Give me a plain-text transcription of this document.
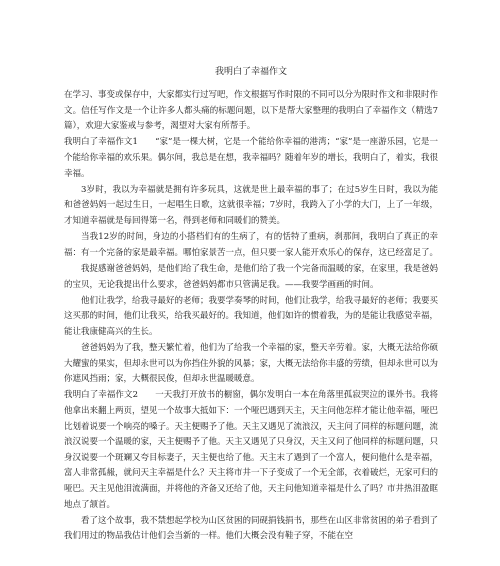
我明白了幸福作文
在学习、事变或保存中，大家都实行过写吧，作文根据写作时限的不同可以分为限时作文和非限时作文。信任写作文是一个让许多人都头痛的标题问题，以下是帮大家整理的我明白了幸福作文（精选7篇），欢迎大家鉴戒与参考，渴望对大家有所帮手。
我明白了幸福作文1　　“家”是一棵大树，它是一个能给你幸福的港湾；“家”是一座游乐园，它是一个能给你幸福的欢乐果。偶尔间，我总是在想，我幸福吗？随着年岁的增长，我明白了，着实，我很幸福。
3岁时，我以为幸福就是拥有许多玩具，这就是世上最幸福的事了；在过5岁生日时，我以为能和爸爸妈妈一起过生日，一起唱生日歌，这就很幸福；7岁时，我跨入了小学的大门，上了一年级，才知道幸福就是每回得第一名，得到老师和同暖们的赞美。
当我12岁的时间，身边的小搭档们有的生病了，有的恬特了重病，刹那间，我明白了真正的幸福：有一个完备的家是最幸福。哪怕家景苦一点，但只要一家人能开欢乐心的保存，这已经富足了。
我捉感谢爸爸妈妈，是他们给了我生命，是他们给了我一个完备而温暖的家，在家里，我是爸妈的宝贝，无论我提出什么要求，爸爸妈妈都市只管满足我。——我要学画画的时间。
他们让我学，给我寻最好的老师；我要学奏琴的时间，他们让我学，给我寻最好的老师；我要买这买那的时间，他们让我买，给我买最好的。我知道，他们如许的惯着我，为的是能让我感觉幸福，能让我康健高兴的生长。
爸爸妈妈为了我，整天繁忙着，他们为了给我一个幸福的家，整天辛劳着。家，大概无法给你硕大耀蜜的果实，但却永世可以为你挡住外貌的风暴；家，大概无法给你丰盛的劳绩，但却永世可以为你遮风挡雨；家，大概很民俊，但却永世温暖暖意。
我明白了幸福作文2　　一天我打开放书的橱窗，偶尔发明白一本在角落里孤寂哭泣的课外书。我将他拿出来翻上两页，望见一个故事大抵如下：一个哑巴遇到天主，天主问他怎样才能让他幸福，哑巴比划着说要一个响亮的嗓子。天主便赐予了他。天主又遇见了流浪汉，天主问了同样的标题问题，流浪汉说要一个温暖的家，天主便赐予了他。天主又遇见了只身汉，天主又问了他同样的标题问题，只身汉说要一个斑斓又夸目标妻子，天主便也给了他。天主末了遇到了一个富人，便问他什么是幸福，富人非常孤赧，就问天主幸福是什么？天主将市井一下子变成了一个无全部，衣着破烂，无家可归的哑巴。天主见他泪流满面，并将他的齐备又还给了他，天主问他知道幸福是什么了吗？市井热泪盈眶地点了颔首。
看了这个故事，我不禁想起学校为山区贫困的同砚捐钱捐书，那些在山区非常贫困的弟子看到了我们用过的物品我估计他们会当新的一样。他们大概会没有鞋子穿，不能在空
